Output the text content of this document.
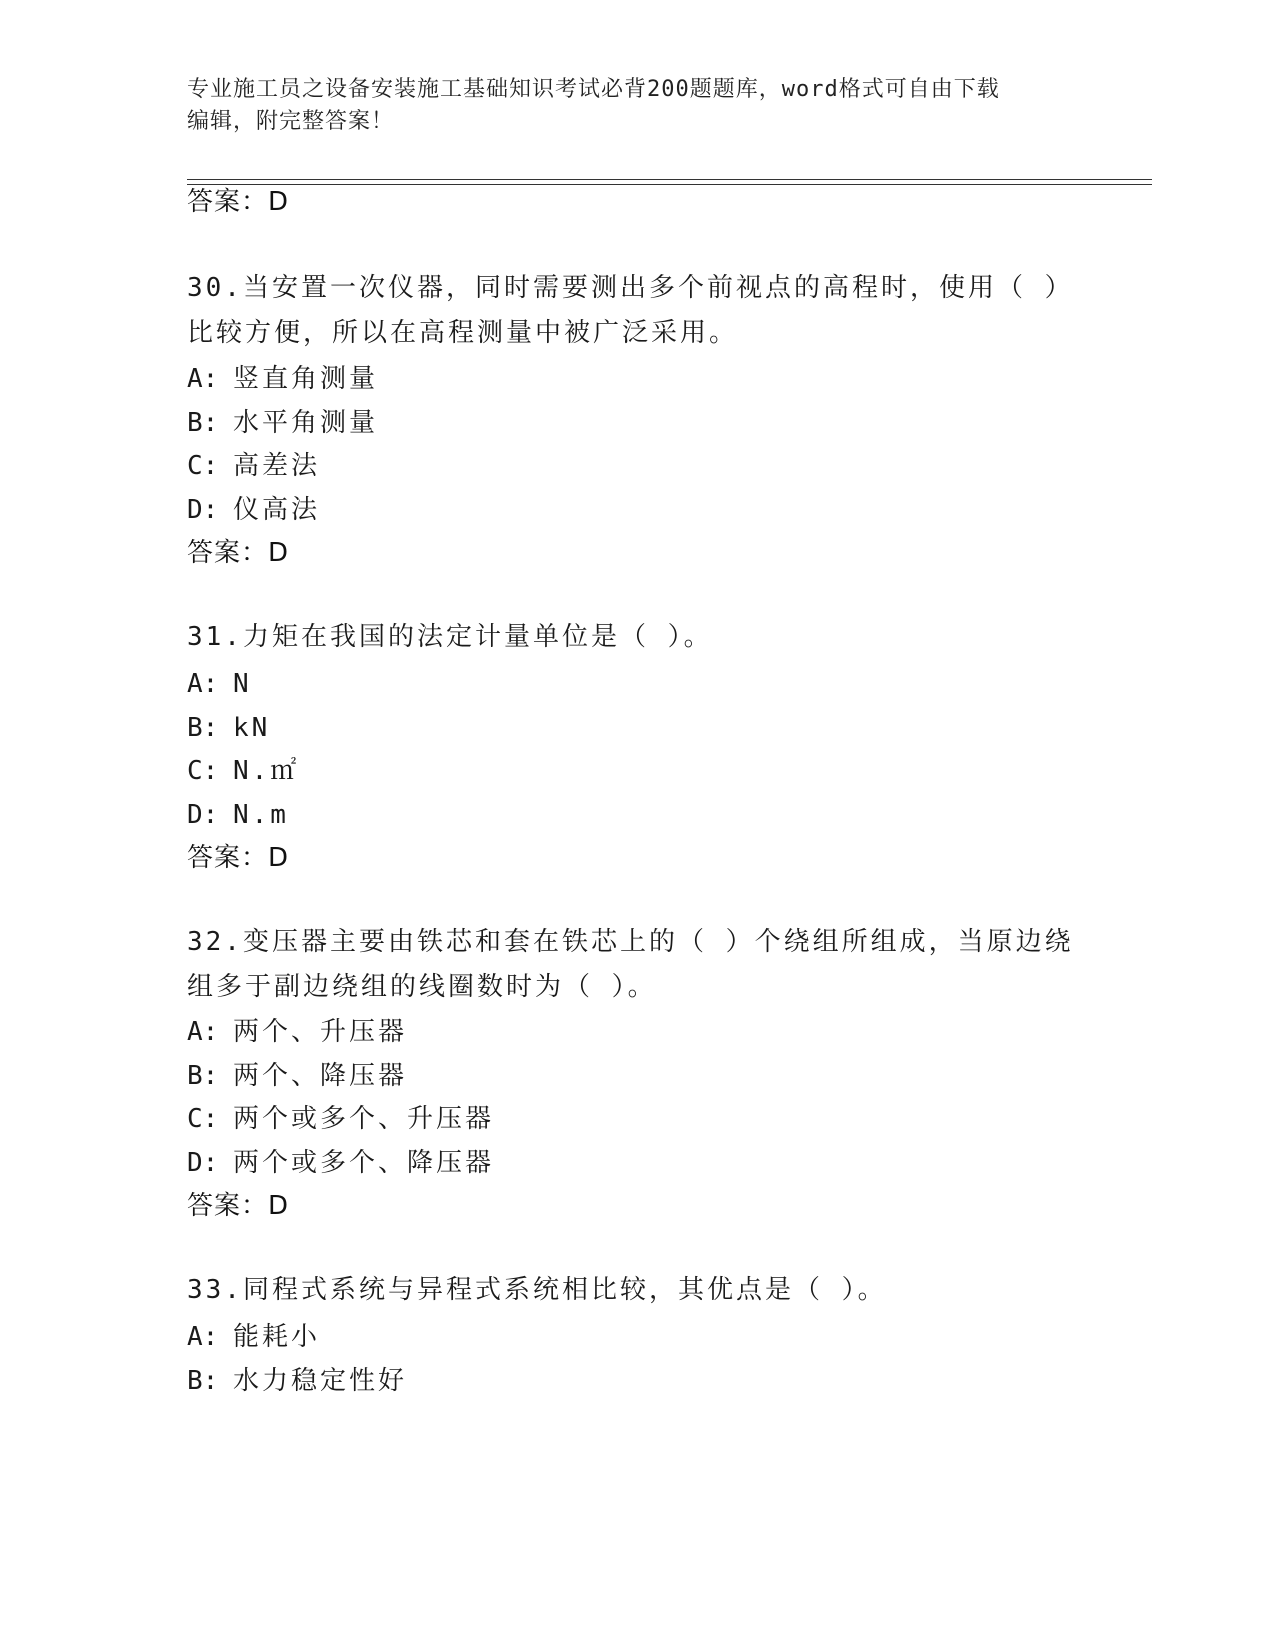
专业施工员之设备安装施工基础知识考试必背200题题库，word格式可自由下载
编辑，附完整答案！
答案：D
30.当安置一次仪器，同时需要测出多个前视点的高程时，使用（ ）
比较方便，所以在高程测量中被广泛采用。
A: 竖直角测量
B: 水平角测量
C: 高差法
D: 仪高法
答案：D
31.力矩在我国的法定计量单位是（ ）。
A: N
B: kN
C: N.㎡
D: N.m
答案：D
32.变压器主要由铁芯和套在铁芯上的（ ）个绕组所组成，当原边绕
组多于副边绕组的线圈数时为（ ）。
A: 两个、升压器
B: 两个、降压器
C: 两个或多个、升压器
D: 两个或多个、降压器
答案：D
33.同程式系统与异程式系统相比较，其优点是（ ）。
A: 能耗小
B: 水力稳定性好
